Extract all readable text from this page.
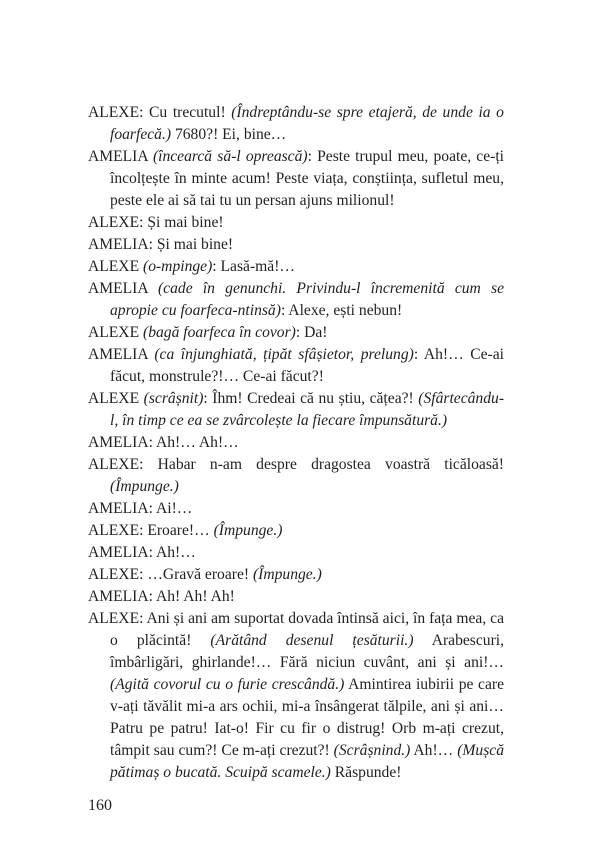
ALEXE: Cu trecutul! (Îndreptându-se spre etajeră, de unde ia o foarfecă.) 7680?! Ei, bine…

AMELIA (încearcă să-l oprească): Peste trupul meu, poate, ce-ți încolțește în minte acum! Peste viața, conștiința, sufletul meu, peste ele ai să tai tu un persan ajuns milionul!

ALEXE: Și mai bine!

AMELIA: Și mai bine!

ALEXE (o-mpinge): Lasă-mă!…

AMELIA (cade în genunchi. Privindu-l încremenită cum se apropie cu foarfeca-ntinsă): Alexe, ești nebun!

ALEXE (bagă foarfeca în covor): Da!

AMELIA (ca înjunghiată, țipăt sfâșietor, prelung): Ah!… Ce-ai făcut, monstrule?!… Ce-ai făcut?!

ALEXE (scrâșnit): Îhm! Credeai că nu știu, cățea?! (Sfârtecându-l, în timp ce ea se zvârcolește la fiecare împunsătură.)

AMELIA: Ah!… Ah!…

ALEXE: Habar n-am despre dragostea voastră ticăloasă! (Împunge.)

AMELIA: Ai!…

ALEXE: Eroare!… (Împunge.)

AMELIA: Ah!…

ALEXE: …Gravă eroare! (Împunge.)

AMELIA: Ah! Ah! Ah!

ALEXE: Ani și ani am suportat dovada întinsă aici, în fața mea, ca o plăcintă! (Arătând desenul țesăturii.) Arabescuri, îmbârligări, ghirlande!… Fără niciun cuvânt, ani și ani!… (Agită covorul cu o furie crescândă.) Amintirea iubirii pe care v-ați tăvălit mi-a ars ochii, mi-a însângerat tălpile, ani și ani… Patru pe patru! Iat-o! Fir cu fir o distrug! Orb m-ați crezut, tâmpit sau cum?! Ce m-ați crezut?! (Scrâșnind.) Ah!… (Mușcă pătimaș o bucată. Scuipă scamele.) Răspunde!

160
